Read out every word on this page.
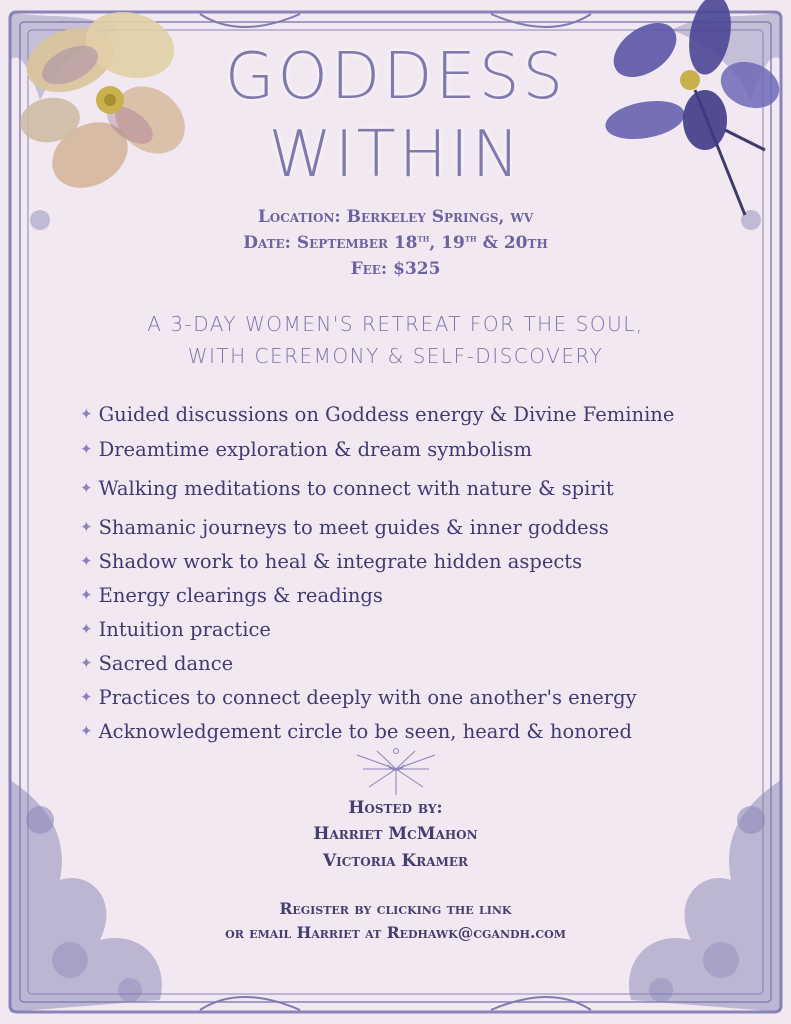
GODDESS
WITHIN
Location: Berkeley Springs, wv
Date: September 18th, 19th & 20th
Fee: $325
A 3-DAY WOMEN'S RETREAT FOR THE SOUL,
WITH CEREMONY & SELF-DISCOVERY
✦ Guided discussions on Goddess energy & Divine Feminine
✦ Dreamtime exploration & dream symbolism
✦ Walking meditations to connect with nature & spirit
✦ Shamanic journeys to meet guides & inner goddess
✦ Shadow work to heal & integrate hidden aspects
✦ Energy clearings & readings
✦ Intuition practice
✦ Sacred dance
✦ Practices to connect deeply with one another's energy
✦ Acknowledgement circle to be seen, heard & honored
Hosted by:
Harriet McMahon
Victoria Kramer
Register by clicking the link
or email Harriet at Redhawk@cgandh.com
